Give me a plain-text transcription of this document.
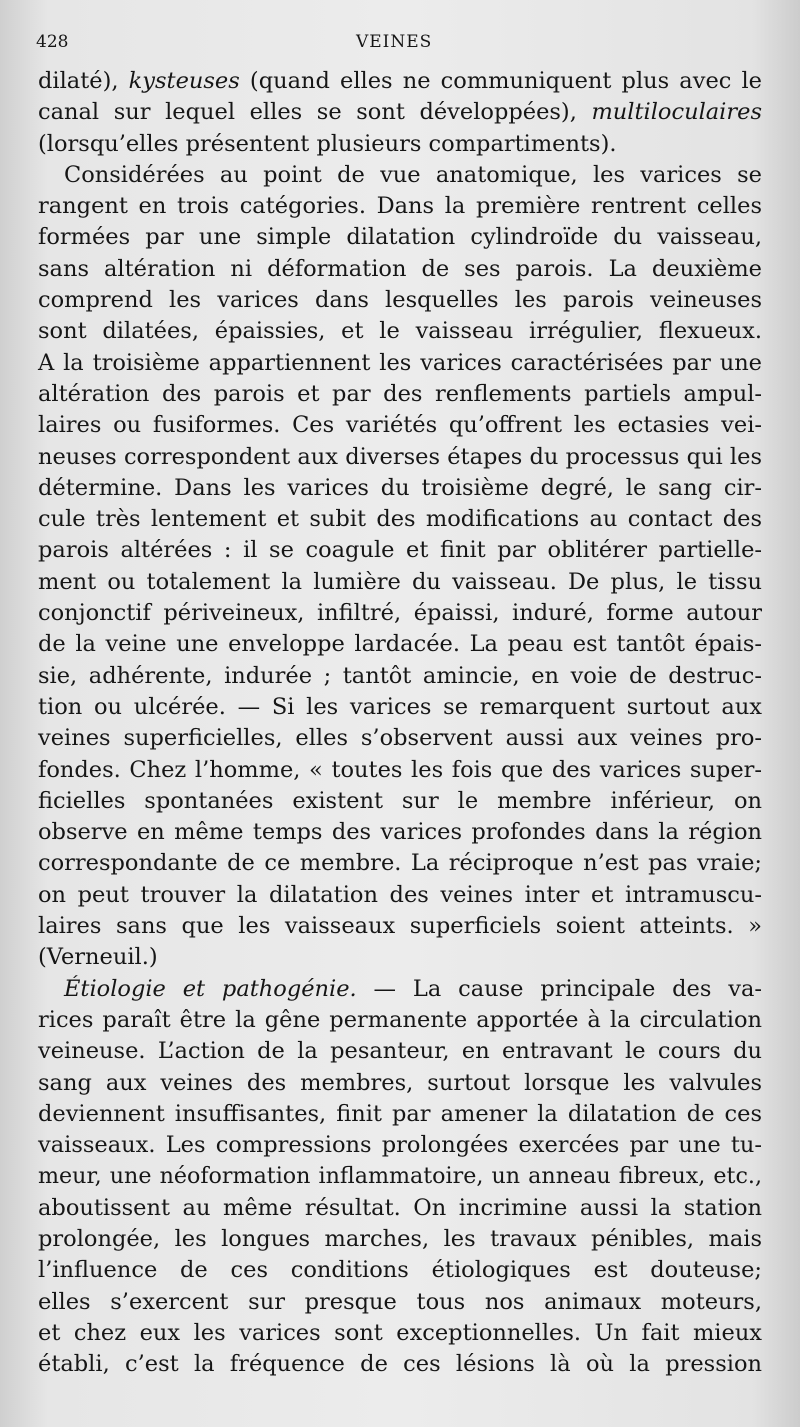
428	VEINES
dilaté), kysteuses (quand elles ne communiquent plus avec le
canal sur lequel elles se sont développées), multiloculaires
(lorsqu’elles présentent plusieurs compartiments).
Considérées au point de vue anatomique, les varices se
rangent en trois catégories. Dans la première rentrent celles
formées par une simple dilatation cylindroïde du vaisseau,
sans altération ni déformation de ses parois. La deuxième
comprend les varices dans lesquelles les parois veineuses
sont dilatées, épaissies, et le vaisseau irrégulier, flexueux.
A la troisième appartiennent les varices caractérisées par une
altération des parois et par des renflements partiels ampul-
laires ou fusiformes. Ces variétés qu’offrent les ectasies vei-
neuses correspondent aux diverses étapes du processus qui les
détermine. Dans les varices du troisième degré, le sang cir-
cule très lentement et subit des modifications au contact des
parois altérées : il se coagule et finit par oblitérer partielle-
ment ou totalement la lumière du vaisseau. De plus, le tissu
conjonctif périveineux, infiltré, épaissi, induré, forme autour
de la veine une enveloppe lardacée. La peau est tantôt épais-
sie, adhérente, indurée ; tantôt amincie, en voie de destruc-
tion ou ulcérée. — Si les varices se remarquent surtout aux
veines superficielles, elles s’observent aussi aux veines pro-
fondes. Chez l’homme, « toutes les fois que des varices super-
ficielles spontanées existent sur le membre inférieur, on
observe en même temps des varices profondes dans la région
correspondante de ce membre. La réciproque n’est pas vraie;
on peut trouver la dilatation des veines inter et intramuscu-
laires sans que les vaisseaux superficiels soient atteints. »
(Verneuil.)
Étiologie et pathogénie. — La cause principale des va-
rices paraît être la gêne permanente apportée à la circulation
veineuse. L’action de la pesanteur, en entravant le cours du
sang aux veines des membres, surtout lorsque les valvules
deviennent insuffisantes, finit par amener la dilatation de ces
vaisseaux. Les compressions prolongées exercées par une tu-
meur, une néoformation inflammatoire, un anneau fibreux, etc.,
aboutissent au même résultat. On incrimine aussi la station
prolongée, les longues marches, les travaux pénibles, mais
l’influence de ces conditions étiologiques est douteuse;
elles s’exercent sur presque tous nos animaux moteurs,
et chez eux les varices sont exceptionnelles. Un fait mieux
établi, c’est la fréquence de ces lésions là où la pression
